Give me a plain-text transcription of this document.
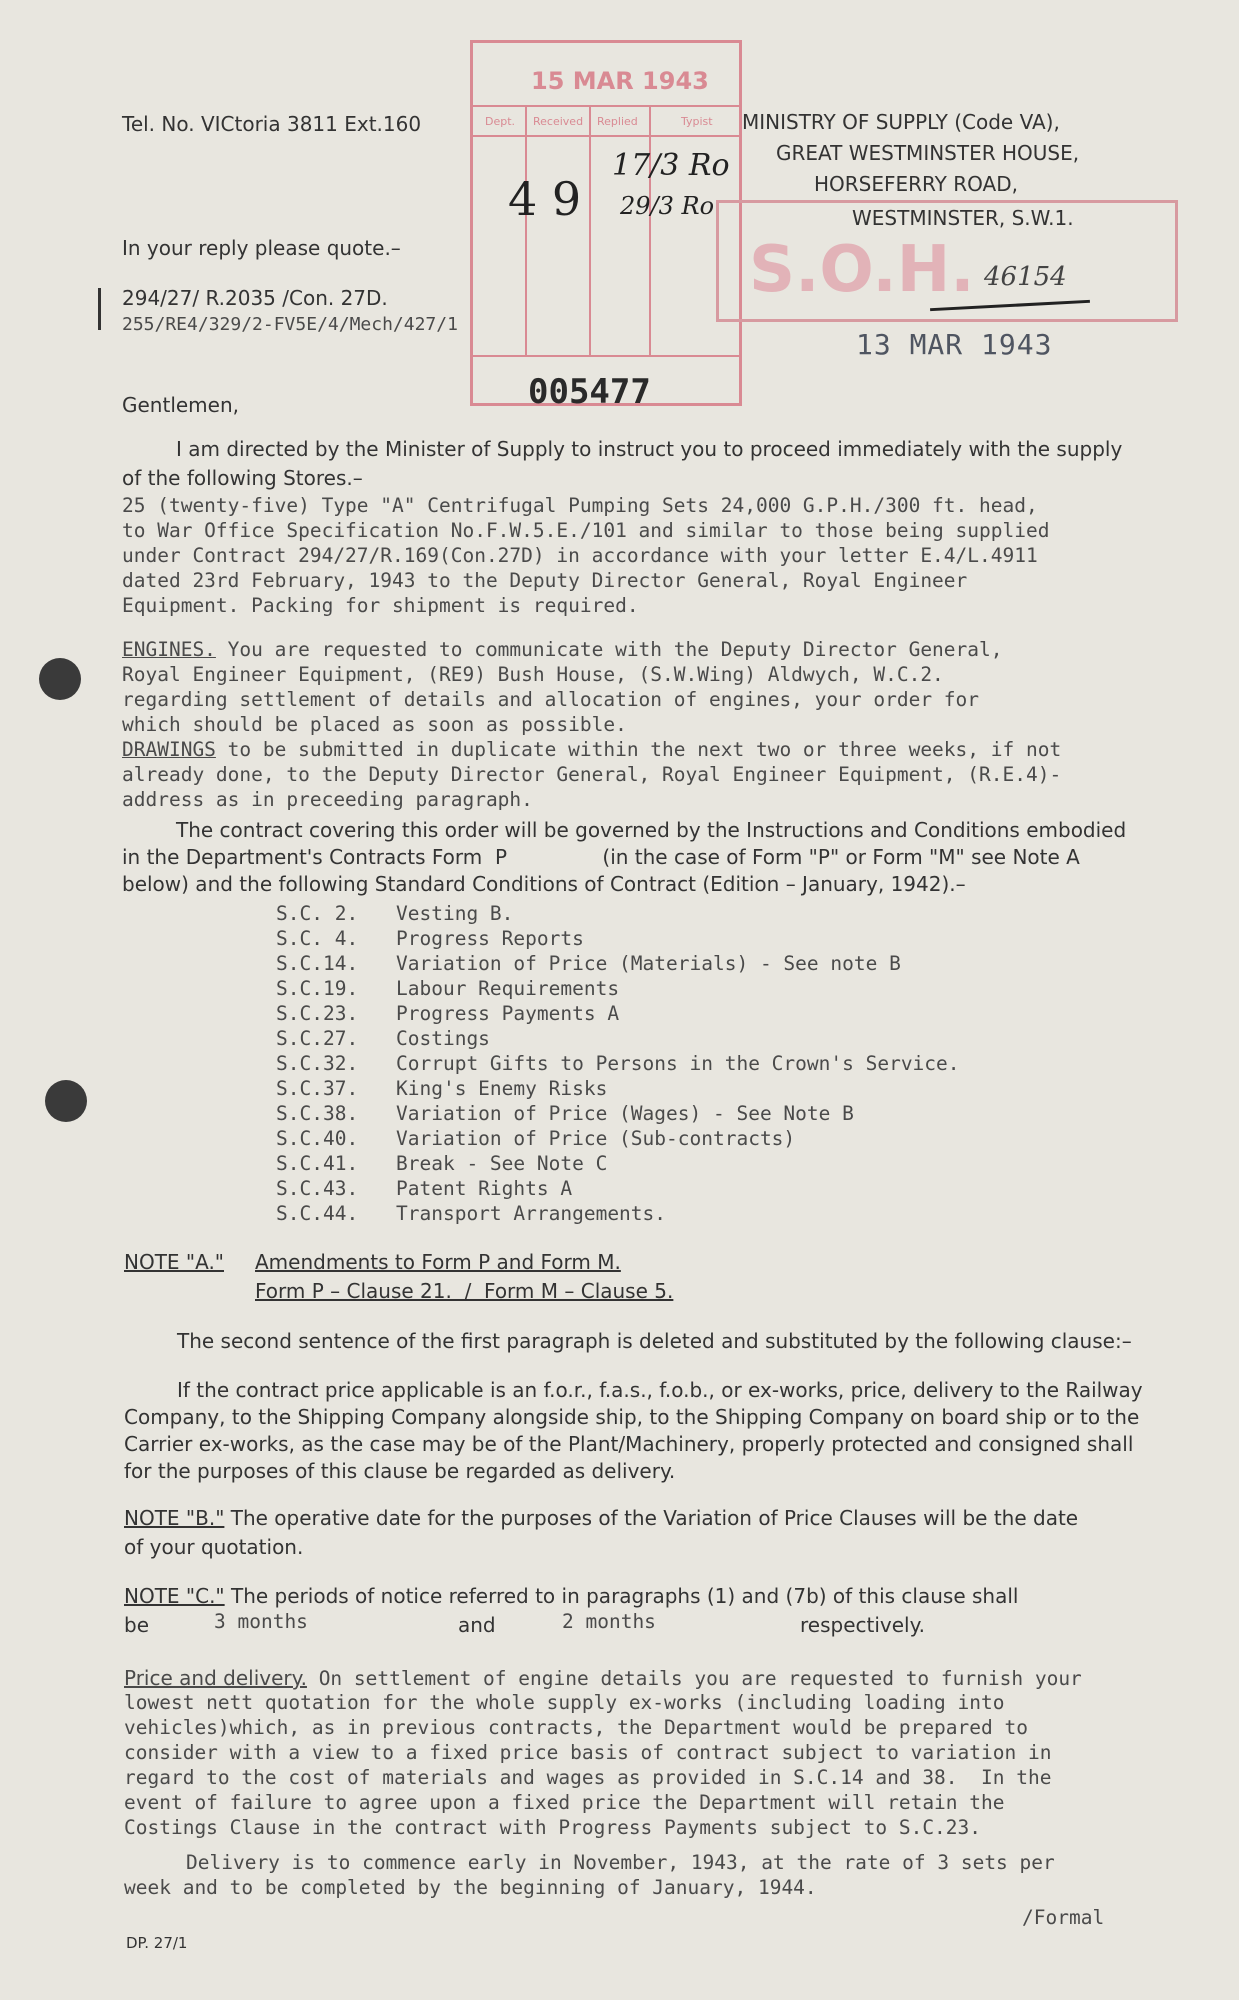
Tel. No. VICtoria 3811 Ext.160
In your reply please quote.–
294/27/ R.2035 /Con. 27D.
255/RE4/329/2-FV5E/4/Mech/427/1
15 MAR 1943
Dept. Received Replied	Typist
S.O.H.
4 9
17/3 Ro
29/3 Ro
46154
13 MAR 1943
005477
MINISTRY OF SUPPLY (Code VA),
GREAT WESTMINSTER HOUSE,
HORSEFERRY ROAD,
WESTMINSTER, S.W.1.
Gentlemen,
I am directed by the Minister of Supply to instruct you to proceed immediately with the supply
of the following Stores.–
25 (twenty-five) Type "A" Centrifugal Pumping Sets 24,000 G.P.H./300 ft. head,
to War Office Specification No.F.W.5.E./101 and similar to those being supplied
under Contract 294/27/R.169(Con.27D) in accordance with your letter E.4/L.4911
dated 23rd February, 1943 to the Deputy Director General, Royal Engineer
Equipment. Packing for shipment is required.
ENGINES. You are requested to communicate with the Deputy Director General,
Royal Engineer Equipment, (RE9) Bush House, (S.W.Wing) Aldwych, W.C.2.
regarding settlement of details and allocation of engines, your order for
which should be placed as soon as possible.
DRAWINGS to be submitted in duplicate within the next two or three weeks, if not
already done, to the Deputy Director General, Royal Engineer Equipment, (R.E.4)-
address as in preceeding paragraph.
The contract covering this order will be governed by the Instructions and Conditions embodied
in the Department's Contracts Form  P               (in the case of Form "P" or Form "M" see Note A
below) and the following Standard Conditions of Contract (Edition – January, 1942).–
S.C. 2. Vesting B.
S.C. 4. Progress Reports
S.C.14. Variation of Price (Materials) - See note B
S.C.19. Labour Requirements
S.C.23. Progress Payments A
S.C.27. Costings
S.C.32. Corrupt Gifts to Persons in the Crown's Service.
S.C.37. King's Enemy Risks
S.C.38. Variation of Price (Wages) - See Note B
S.C.40. Variation of Price (Sub-contracts)
S.C.41. Break - See Note C
S.C.43. Patent Rights A
S.C.44. Transport Arrangements.
NOTE "A." Amendments to Form P and Form M.
Form P – Clause 21.  /  Form M – Clause 5.
The second sentence of the first paragraph is deleted and substituted by the following clause:–
If the contract price applicable is an f.o.r., f.a.s., f.o.b., or ex-works, price, delivery to the Railway
Company, to the Shipping Company alongside ship, to the Shipping Company on board ship or to the
Carrier ex-works, as the case may be of the Plant/Machinery, properly protected and consigned shall
for the purposes of this clause be regarded as delivery.
NOTE "B." The operative date for the purposes of the Variation of Price Clauses will be the date
of your quotation.
NOTE "C." The periods of notice referred to in paragraphs (1) and (7b) of this clause shall
be	3 months	and	2 months	respectively.
Price and delivery. On settlement of engine details you are requested to furnish your
lowest nett quotation for the whole supply ex-works (including loading into
vehicles)which, as in previous contracts, the Department would be prepared to
consider with a view to a fixed price basis of contract subject to variation in
regard to the cost of materials and wages as provided in S.C.14 and 38.  In the
event of failure to agree upon a fixed price the Department will retain the
Costings Clause in the contract with Progress Payments subject to S.C.23.
Delivery is to commence early in November, 1943, at the rate of 3 sets per
week and to be completed by the beginning of January, 1944.
/Formal
DP. 27/1
